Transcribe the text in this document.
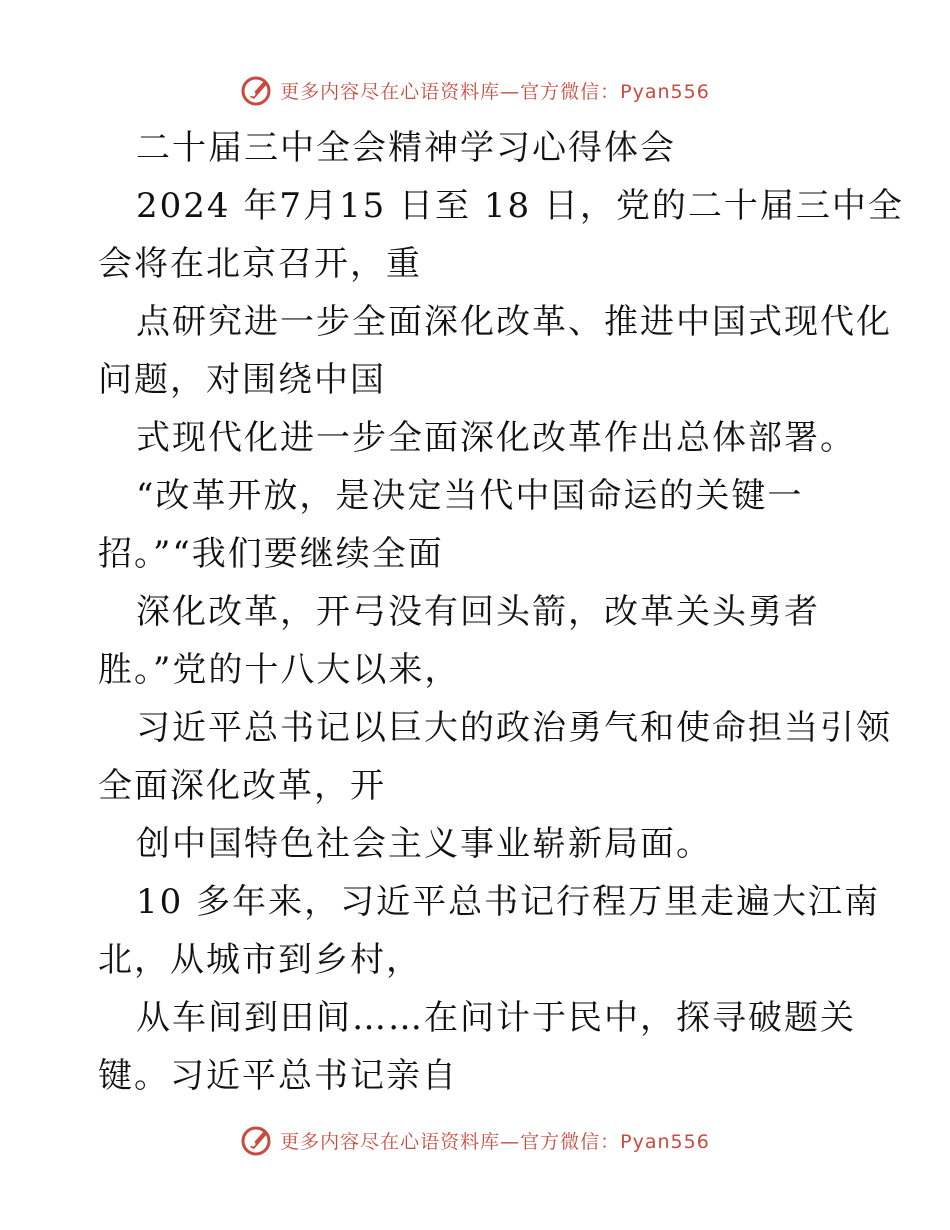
更多内容尽在心语资料库—官方微信：Pyan556

二十届三中全会精神学习心得体会

2024 年7月15 日至 18 日，党的二十届三中全

会将在北京召开，重

点研究进一步全面深化改革、推进中国式现代化

问题，对围绕中国

式现代化进一步全面深化改革作出总体部署。

“改革开放，是决定当代中国命运的关键一

招。”“我们要继续全面

深化改革，开弓没有回头箭，改革关头勇者

胜。”党的十八大以来，

习近平总书记以巨大的政治勇气和使命担当引领

全面深化改革，开

创中国特色社会主义事业崭新局面。

10 多年来，习近平总书记行程万里走遍大江南

北，从城市到乡村，

从车间到田间……在问计于民中，探寻破题关

键。习近平总书记亲自

更多内容尽在心语资料库—官方微信：Pyan556
